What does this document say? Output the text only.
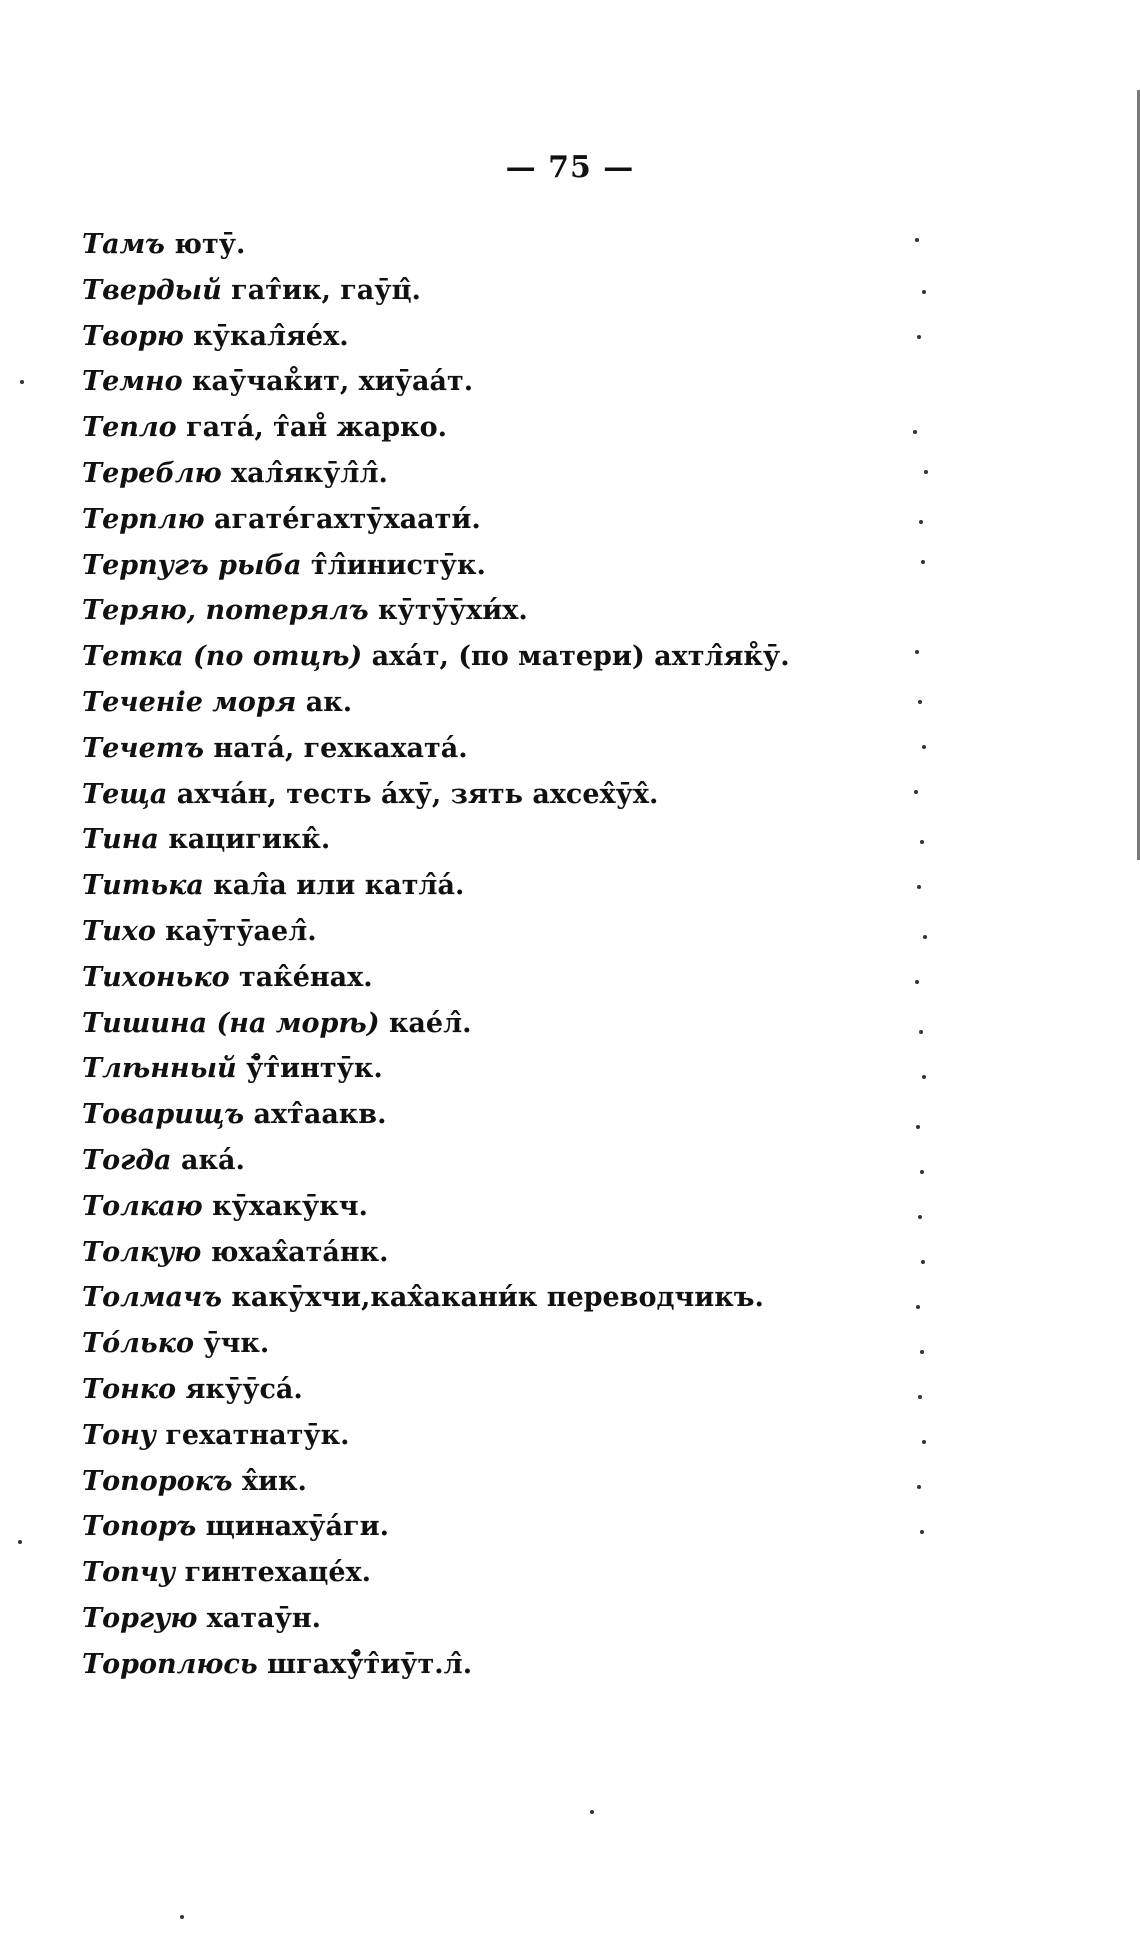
— 75 —
Тамъ ютӯ.
Твердый гат̂ик, гаӯц̂.
Творю кӯкал̂яе́х.
Темно каӯчак̊ит, хиӯаа́т.
Тепло гата́, т̂ан̊ жарко.
Тереблю хал̂якӯл̂л̂.
Терплю агате́гахтӯхаати́.
Терпугъ рыба т̂л̂инистӯк.
Теряю, потерялъ кӯтӯӯхи́х.
Тетка (по отцѣ) аха́т, (по матери) ахтл̂як̊ӯ.
Теченіе моря ак.
Течетъ ната́, гехкахата́.
Теща ахча́н, тесть а́хӯ, зять ахсех̂ӯх̂.
Тина кацигикк̂.
Титька кал̂а или катл̂а́.
Тихо каӯтӯаел̂.
Тихонько так̂е́нах.
Тишина (на морѣ) кае́л̂.
Тлѣнный ӯ̊т̂интӯк.
Товарищъ ахт̂аакв.
Тогда ака́.
Толкаю кӯхакӯкч.
Толкую юхах̂ата́нк.
Толмачъ какӯхчи,ках̂акани́к переводчикъ.
То́лько ӯчк.
Тонко якӯӯса́.
Тону гехатнатӯк.
Топорокъ х̂ик.
Топоръ щинахӯа́ги.
Топчу гинтехаце́х.
Торгую хатаӯн.
Тороплюсь шгахӯ̊т̂иӯт.л̂.
